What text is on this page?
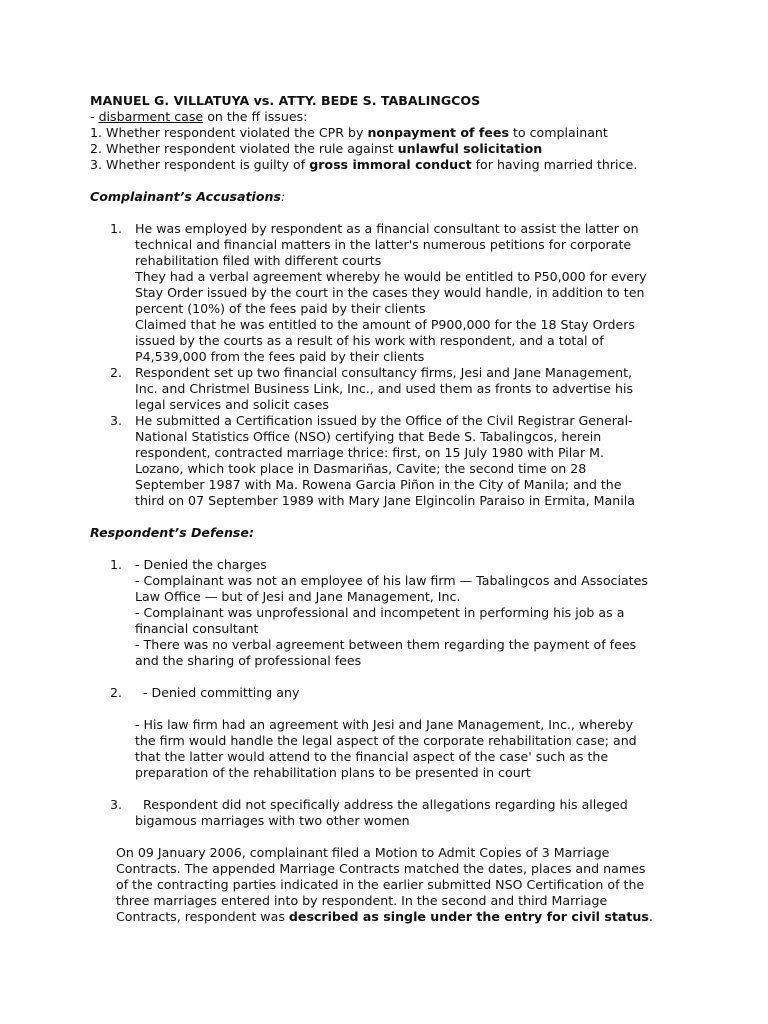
MANUEL G. VILLATUYA vs. ATTY. BEDE S. TABALINGCOS
- disbarment case on the ff issues:
1. Whether respondent violated the CPR by nonpayment of fees to complainant
2. Whether respondent violated the rule against unlawful solicitation
3. Whether respondent is guilty of gross immoral conduct for having married thrice.
Complainant’s Accusations:
1. He was employed by respondent as a financial consultant to assist the latter on
technical and financial matters in the latter's numerous petitions for corporate
rehabilitation filed with different courts
They had a verbal agreement whereby he would be entitled to P50,000 for every
Stay Order issued by the court in the cases they would handle, in addition to ten
percent (10%) of the fees paid by their clients
Claimed that he was entitled to the amount of P900,000 for the 18 Stay Orders
issued by the courts as a result of his work with respondent, and a total of
P4,539,000 from the fees paid by their clients
2. Respondent set up two financial consultancy firms, Jesi and Jane Management,
Inc. and Christmel Business Link, Inc., and used them as fronts to advertise his
legal services and solicit cases
3. He submitted a Certification issued by the Office of the Civil Registrar General-
National Statistics Office (NSO) certifying that Bede S. Tabalingcos, herein
respondent, contracted marriage thrice: first, on 15 July 1980 with Pilar M.
Lozano, which took place in Dasmariñas, Cavite; the second time on 28
September 1987 with Ma. Rowena Garcia Piñon in the City of Manila; and the
third on 07 September 1989 with Mary Jane Elgincolin Paraiso in Ermita, Manila
Respondent’s Defense:
1. - Denied the charges
- Complainant was not an employee of his law firm — Tabalingcos and Associates
Law Office — but of Jesi and Jane Management, Inc.
- Complainant was unprofessional and incompetent in performing his job as a
financial consultant
- There was no verbal agreement between them regarding the payment of fees
and the sharing of professional fees
2. - Denied committing any
- His law firm had an agreement with Jesi and Jane Management, Inc., whereby
the firm would handle the legal aspect of the corporate rehabilitation case; and
that the latter would attend to the financial aspect of the case' such as the
preparation of the rehabilitation plans to be presented in court
3. Respondent did not specifically address the allegations regarding his alleged
bigamous marriages with two other women
On 09 January 2006, complainant filed a Motion to Admit Copies of 3 Marriage
Contracts. The appended Marriage Contracts matched the dates, places and names
of the contracting parties indicated in the earlier submitted NSO Certification of the
three marriages entered into by respondent. In the second and third Marriage
Contracts, respondent was described as single under the entry for civil status.
